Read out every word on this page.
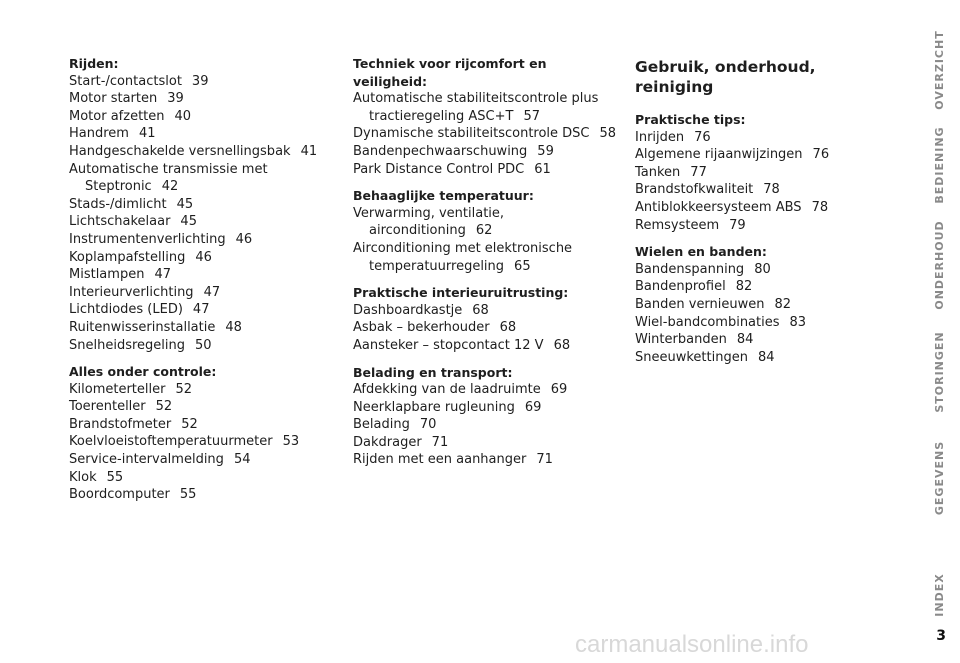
Rijden:
Start-/contactslot 39
Motor starten 39
Motor afzetten 40
Handrem 41
Handgeschakelde versnellingsbak 41
Automatische transmissie met
Steptronic 42
Stads-/dimlicht 45
Lichtschakelaar 45
Instrumentenverlichting 46
Koplampafstelling 46
Mistlampen 47
Interieurverlichting 47
Lichtdiodes (LED) 47
Ruitenwisserinstallatie 48
Snelheidsregeling 50
Alles onder controle:
Kilometerteller 52
Toerenteller 52
Brandstofmeter 52
Koelvloeistoftemperatuurmeter 53
Service-intervalmelding 54
Klok 55
Boordcomputer 55
Techniek voor rijcomfort en veiligheid:
Automatische stabiliteitscontrole plus
tractieregeling ASC+T 57
Dynamische stabiliteitscontrole DSC 58
Bandenpechwaarschuwing 59
Park Distance Control PDC 61
Behaaglijke temperatuur:
Verwarming, ventilatie,
airconditioning 62
Airconditioning met elektronische
temperatuurregeling 65
Praktische interieuruitrusting:
Dashboardkastje 68
Asbak – bekerhouder 68
Aansteker – stopcontact 12 V 68
Belading en transport:
Afdekking van de laadruimte 69
Neerklapbare rugleuning 69
Belading 70
Dakdrager 71
Rijden met een aanhanger 71
Gebruik, onderhoud, reiniging
Praktische tips:
Inrijden 76
Algemene rijaanwijzingen 76
Tanken 77
Brandstofkwaliteit 78
Antiblokkeersysteem ABS 78
Remsysteem 79
Wielen en banden:
Bandenspanning 80
Bandenprofiel 82
Banden vernieuwen 82
Wiel-bandcombinaties 83
Winterbanden 84
Sneeuwkettingen 84
OVERZICHT
BEDIENING
ONDERHOUD
STORINGEN
GEGEVENS
INDEX
3
carmanualsonline.info
